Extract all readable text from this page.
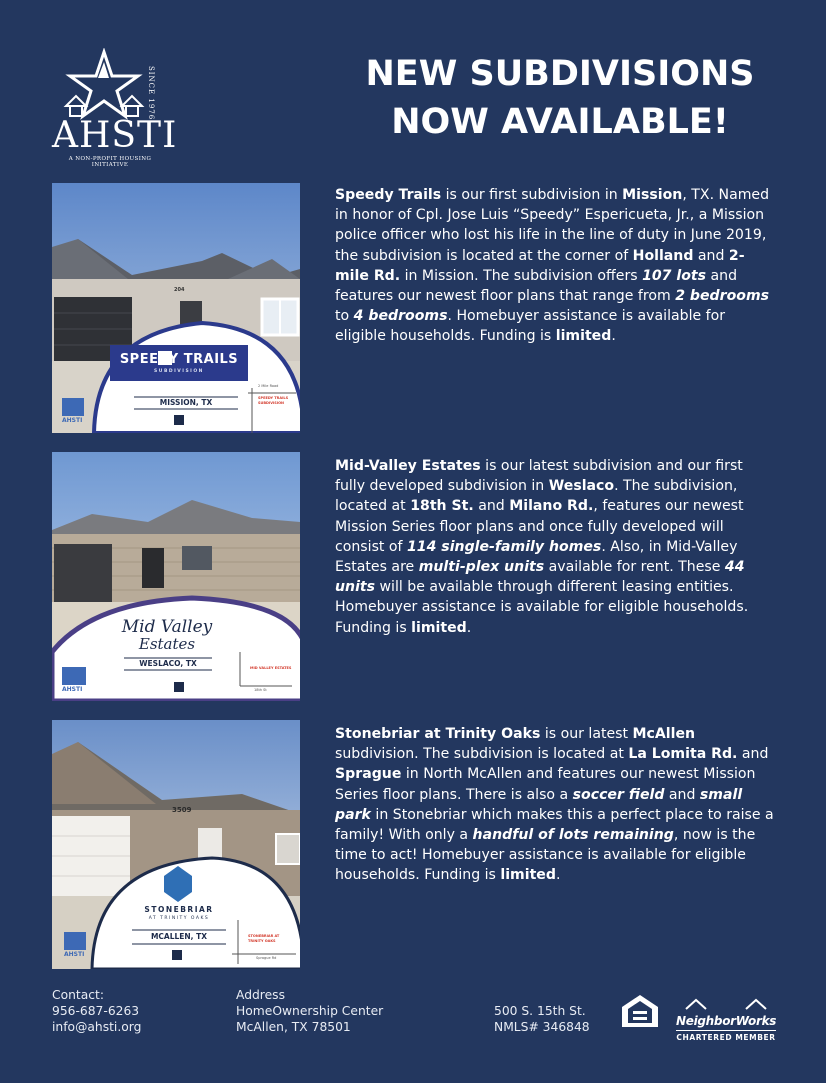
SINCE 1976
AHSTI
A NON-PROFIT HOUSING INITIATIVE
NEW SUBDIVISIONS
NOW AVAILABLE!
SPEEDY TRAILS
SUBDIVISION
MISSION, TX
204
AHSTI
2 Mile Road
SPEEDY TRAILS SUBDIVISION
Speedy Trails is our first subdivision in Mission, TX. Named in honor of Cpl. Jose Luis “Speedy” Espericueta, Jr., a Mission police officer who lost his life in the line of duty in June 2019, the subdivision is located at the corner of Holland and 2-mile Rd. in Mission. The subdivision offers 107 lots and features our newest floor plans that range from 2 bedrooms to 4 bedrooms. Homebuyer assistance is available for eligible households. Funding is limited.
Mid Valley
Estates
WESLACO, TX
AHSTI
MID VALLEY ESTATES
18th St
Mid-Valley Estates is our latest subdivision and our first fully developed subdivision in Weslaco. The subdivision, located at 18th St. and Milano Rd., features our newest Mission Series floor plans and once fully developed will consist of 114 single-family homes. Also, in Mid-Valley Estates are multi-plex units available for rent. These 44 units will be available through different leasing entities. Homebuyer assistance is available for eligible households. Funding is limited.
STONEBRIAR
AT TRINITY OAKS
MCALLEN, TX
3509
AHSTI
STONEBRIAR AT TRINITY OAKS
Sprague Rd
Stonebriar at Trinity Oaks is our latest McAllen subdivision. The subdivision is located at La Lomita Rd. and Sprague in North McAllen and features our newest Mission Series floor plans. There is also a soccer field and small park in Stonebriar which makes this a perfect place to raise a family! With only a handful of lots remaining, now is the time to act! Homebuyer assistance is available for eligible households. Funding is limited.
Contact:
956-687-6263
info@ahsti.org
Address
HomeOwnership Center
McAllen, TX 78501
500 S. 15th St.
NMLS# 346848	NeighborWorks
CHARTERED MEMBER
